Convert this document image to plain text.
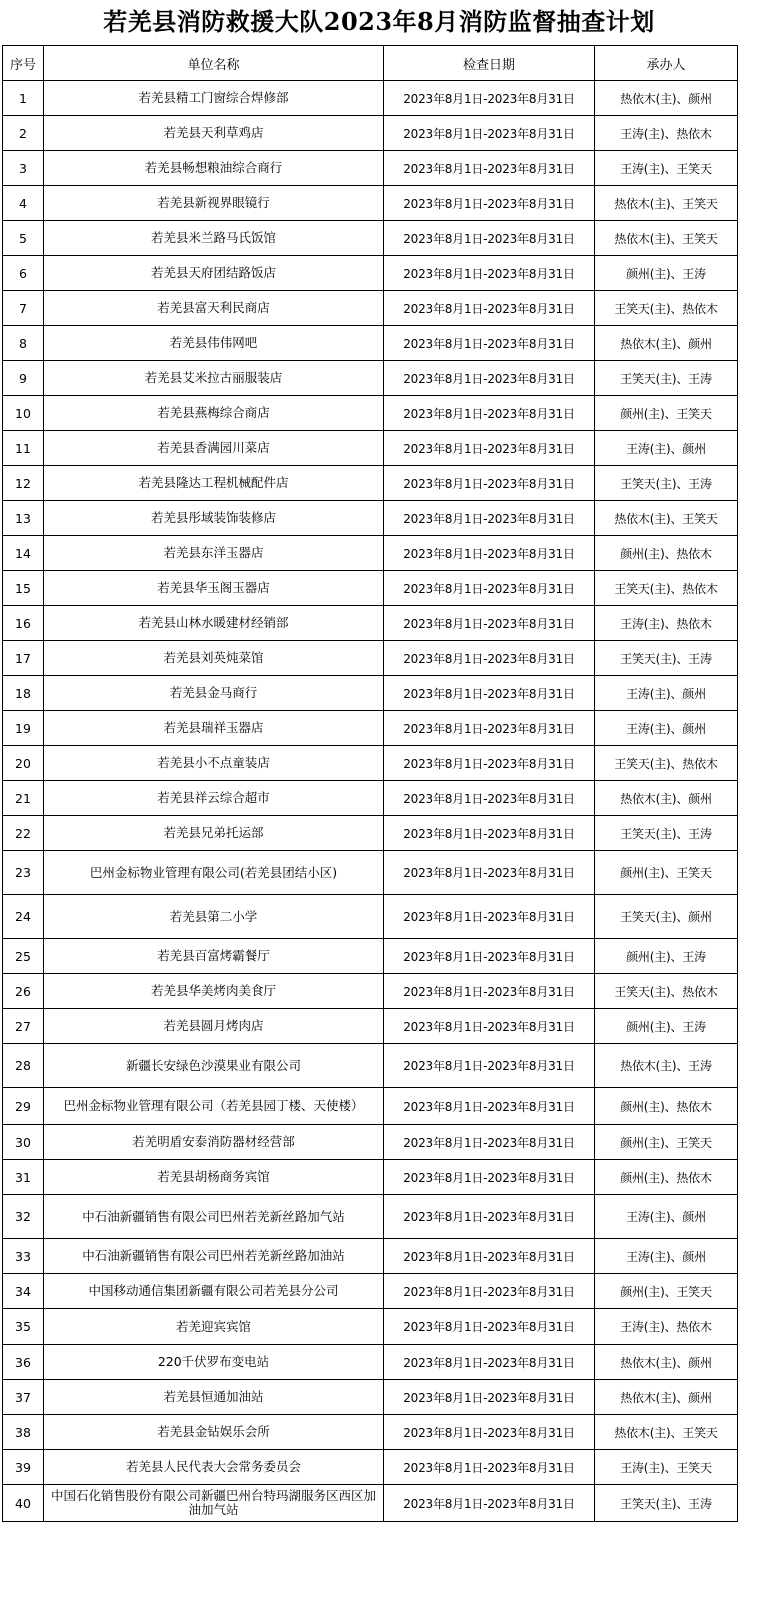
若羌县消防救援大队2023年8月消防监督抽查计划
序号	单位名称	检查日期	承办人
1	若羌县精工门窗综合焊修部	2023年8月1日-2023年8月31日	热依木(主)、颜州
2	若羌县天利草鸡店	2023年8月1日-2023年8月31日	王涛(主)、热依木
3	若羌县畅想粮油综合商行	2023年8月1日-2023年8月31日	王涛(主)、王笑天
4	若羌县新视界眼镜行	2023年8月1日-2023年8月31日	热依木(主)、王笑天
5	若羌县米兰路马氏饭馆	2023年8月1日-2023年8月31日	热依木(主)、王笑天
6	若羌县天府团结路饭店	2023年8月1日-2023年8月31日	颜州(主)、王涛
7	若羌县富天利民商店	2023年8月1日-2023年8月31日	王笑天(主)、热依木
8	若羌县伟伟网吧	2023年8月1日-2023年8月31日	热依木(主)、颜州
9	若羌县艾米拉古丽服装店	2023年8月1日-2023年8月31日	王笑天(主)、王涛
10	若羌县燕梅综合商店	2023年8月1日-2023年8月31日	颜州(主)、王笑天
11	若羌县香满园川菜店	2023年8月1日-2023年8月31日	王涛(主)、颜州
12	若羌县隆达工程机械配件店	2023年8月1日-2023年8月31日	王笑天(主)、王涛
13	若羌县彤域装饰装修店	2023年8月1日-2023年8月31日	热依木(主)、王笑天
14	若羌县东洋玉器店	2023年8月1日-2023年8月31日	颜州(主)、热依木
15	若羌县华玉阁玉器店	2023年8月1日-2023年8月31日	王笑天(主)、热依木
16	若羌县山林水暖建材经销部	2023年8月1日-2023年8月31日	王涛(主)、热依木
17	若羌县刘英炖菜馆	2023年8月1日-2023年8月31日	王笑天(主)、王涛
18	若羌县金马商行	2023年8月1日-2023年8月31日	王涛(主)、颜州
19	若羌县瑞祥玉器店	2023年8月1日-2023年8月31日	王涛(主)、颜州
20	若羌县小不点童装店	2023年8月1日-2023年8月31日	王笑天(主)、热依木
21	若羌县祥云综合超市	2023年8月1日-2023年8月31日	热依木(主)、颜州
22	若羌县兄弟托运部	2023年8月1日-2023年8月31日	王笑天(主)、王涛
23	巴州金标物业管理有限公司(若羌县团结小区)	2023年8月1日-2023年8月31日	颜州(主)、王笑天
24	若羌县第二小学	2023年8月1日-2023年8月31日	王笑天(主)、颜州
25	若羌县百富烤霸餐厅	2023年8月1日-2023年8月31日	颜州(主)、王涛
26	若羌县华美烤肉美食厅	2023年8月1日-2023年8月31日	王笑天(主)、热依木
27	若羌县圆月烤肉店	2023年8月1日-2023年8月31日	颜州(主)、王涛
28	新疆长安绿色沙漠果业有限公司	2023年8月1日-2023年8月31日	热依木(主)、王涛
29	巴州金标物业管理有限公司（若羌县园丁楼、天使楼）	2023年8月1日-2023年8月31日	颜州(主)、热依木
30	若羌明盾安泰消防器材经营部	2023年8月1日-2023年8月31日	颜州(主)、王笑天
31	若羌县胡杨商务宾馆	2023年8月1日-2023年8月31日	颜州(主)、热依木
32	中石油新疆销售有限公司巴州若羌新丝路加气站	2023年8月1日-2023年8月31日	王涛(主)、颜州
33	中石油新疆销售有限公司巴州若羌新丝路加油站	2023年8月1日-2023年8月31日	王涛(主)、颜州
34	中国移动通信集团新疆有限公司若羌县分公司	2023年8月1日-2023年8月31日	颜州(主)、王笑天
35	若羌迎宾宾馆	2023年8月1日-2023年8月31日	王涛(主)、热依木
36	220千伏罗布变电站	2023年8月1日-2023年8月31日	热依木(主)、颜州
37	若羌县恒通加油站	2023年8月1日-2023年8月31日	热依木(主)、颜州
38	若羌县金钻娱乐会所	2023年8月1日-2023年8月31日	热依木(主)、王笑天
39	若羌县人民代表大会常务委员会	2023年8月1日-2023年8月31日	王涛(主)、王笑天
40	中国石化销售股份有限公司新疆巴州台特玛湖服务区西区加油加气站	2023年8月1日-2023年8月31日	王笑天(主)、王涛
